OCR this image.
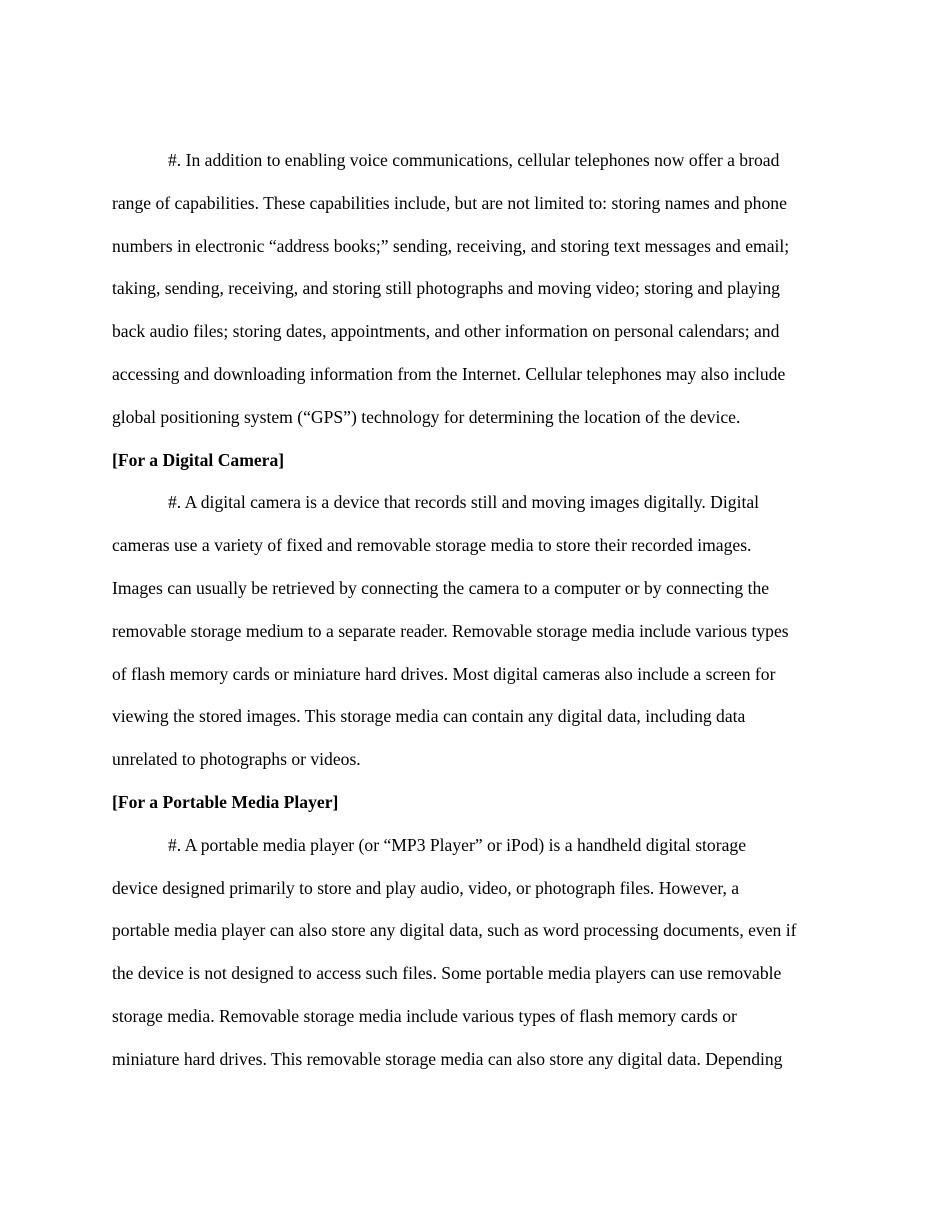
#. In addition to enabling voice communications, cellular telephones now offer a broad
range of capabilities. These capabilities include, but are not limited to: storing names and phone
numbers in electronic “address books;” sending, receiving, and storing text messages and email;
taking, sending, receiving, and storing still photographs and moving video; storing and playing
back audio files; storing dates, appointments, and other information on personal calendars; and
accessing and downloading information from the Internet. Cellular telephones may also include
global positioning system (“GPS”) technology for determining the location of the device.
[For a Digital Camera]
#. A digital camera is a device that records still and moving images digitally. Digital
cameras use a variety of fixed and removable storage media to store their recorded images.
Images can usually be retrieved by connecting the camera to a computer or by connecting the
removable storage medium to a separate reader. Removable storage media include various types
of flash memory cards or miniature hard drives. Most digital cameras also include a screen for
viewing the stored images. This storage media can contain any digital data, including data
unrelated to photographs or videos.
[For a Portable Media Player]
#. A portable media player (or “MP3 Player” or iPod) is a handheld digital storage
device designed primarily to store and play audio, video, or photograph files. However, a
portable media player can also store any digital data, such as word processing documents, even if
the device is not designed to access such files. Some portable media players can use removable
storage media. Removable storage media include various types of flash memory cards or
miniature hard drives. This removable storage media can also store any digital data. Depending
